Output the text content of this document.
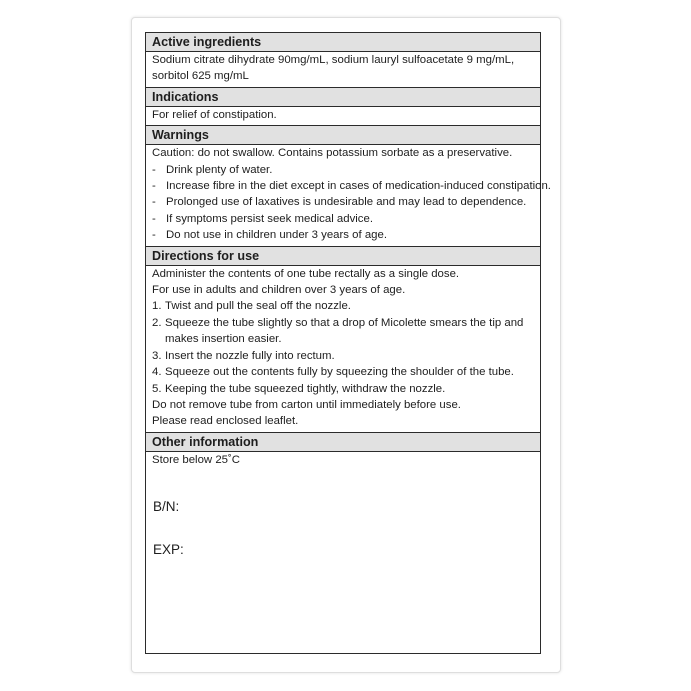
Active ingredients
Sodium citrate dihydrate 90mg/mL, sodium lauryl sulfoacetate 9 mg/mL,
sorbitol 625 mg/mL
Indications
For relief of constipation.
Warnings
Caution: do not swallow. Contains potassium sorbate as a preservative.
- Drink plenty of water.
- Increase fibre in the diet except in cases of medication-induced constipation.
- Prolonged use of laxatives is undesirable and may lead to dependence.
- If symptoms persist seek medical advice.
- Do not use in children under 3 years of age.
Directions for use
Administer the contents of one tube rectally as a single dose.
For use in adults and children over 3 years of age.
1. Twist and pull the seal off the nozzle.
2. Squeeze the tube slightly so that a drop of Micolette smears the tip and makes insertion easier.
3. Insert the nozzle fully into rectum.
4. Squeeze out the contents fully by squeezing the shoulder of the tube.
5. Keeping the tube squeezed tightly, withdraw the nozzle.
Do not remove tube from carton until immediately before use.
Please read enclosed leaflet.
Other information
Store below 25˚C
B/N:
EXP:
